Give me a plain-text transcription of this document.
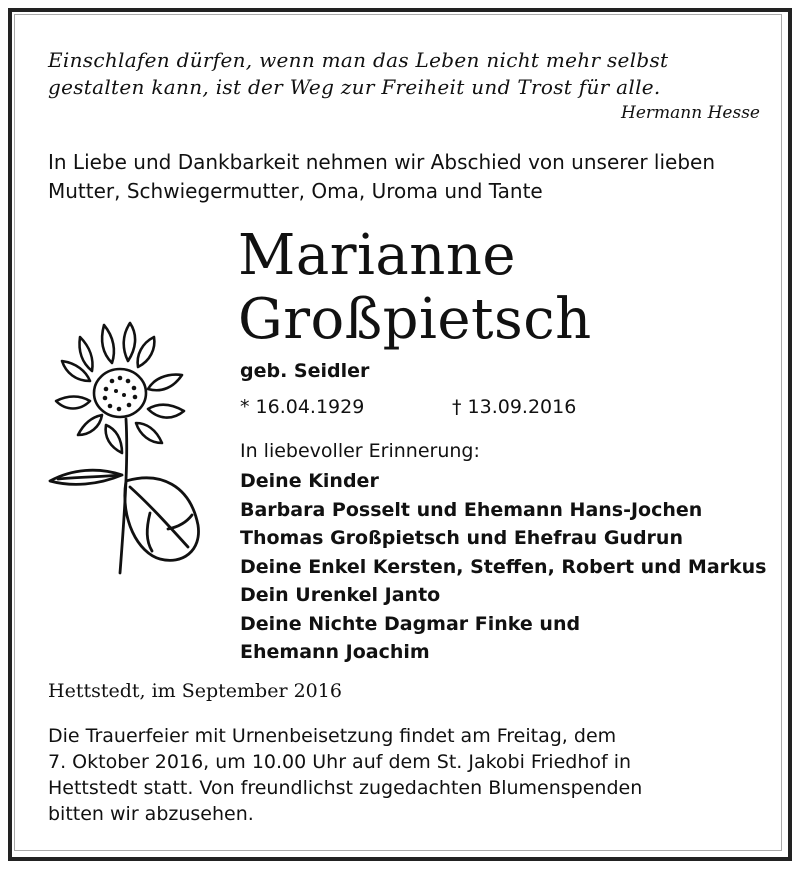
Einschlafen dürfen, wenn man das Leben nicht mehr selbst
gestalten kann, ist der Weg zur Freiheit und Trost für alle.
Hermann Hesse
In Liebe und Dankbarkeit nehmen wir Abschied von unserer lieben
Mutter, Schwiegermutter, Oma, Uroma und Tante
Marianne
Großpietsch
geb. Seidler
* 16.04.1929	† 13.09.2016
In liebevoller Erinnerung:
Deine Kinder
Barbara Posselt und Ehemann Hans-Jochen
Thomas Großpietsch und Ehefrau Gudrun
Deine Enkel Kersten, Steffen, Robert und Markus
Dein Urenkel Janto
Deine Nichte Dagmar Finke und
Ehemann Joachim
Hettstedt, im September 2016
Die Trauerfeier mit Urnenbeisetzung findet am Freitag, dem
7. Oktober 2016, um 10.00 Uhr auf dem St. Jakobi Friedhof in
Hettstedt statt. Von freundlichst zugedachten Blumenspenden
bitten wir abzusehen.
